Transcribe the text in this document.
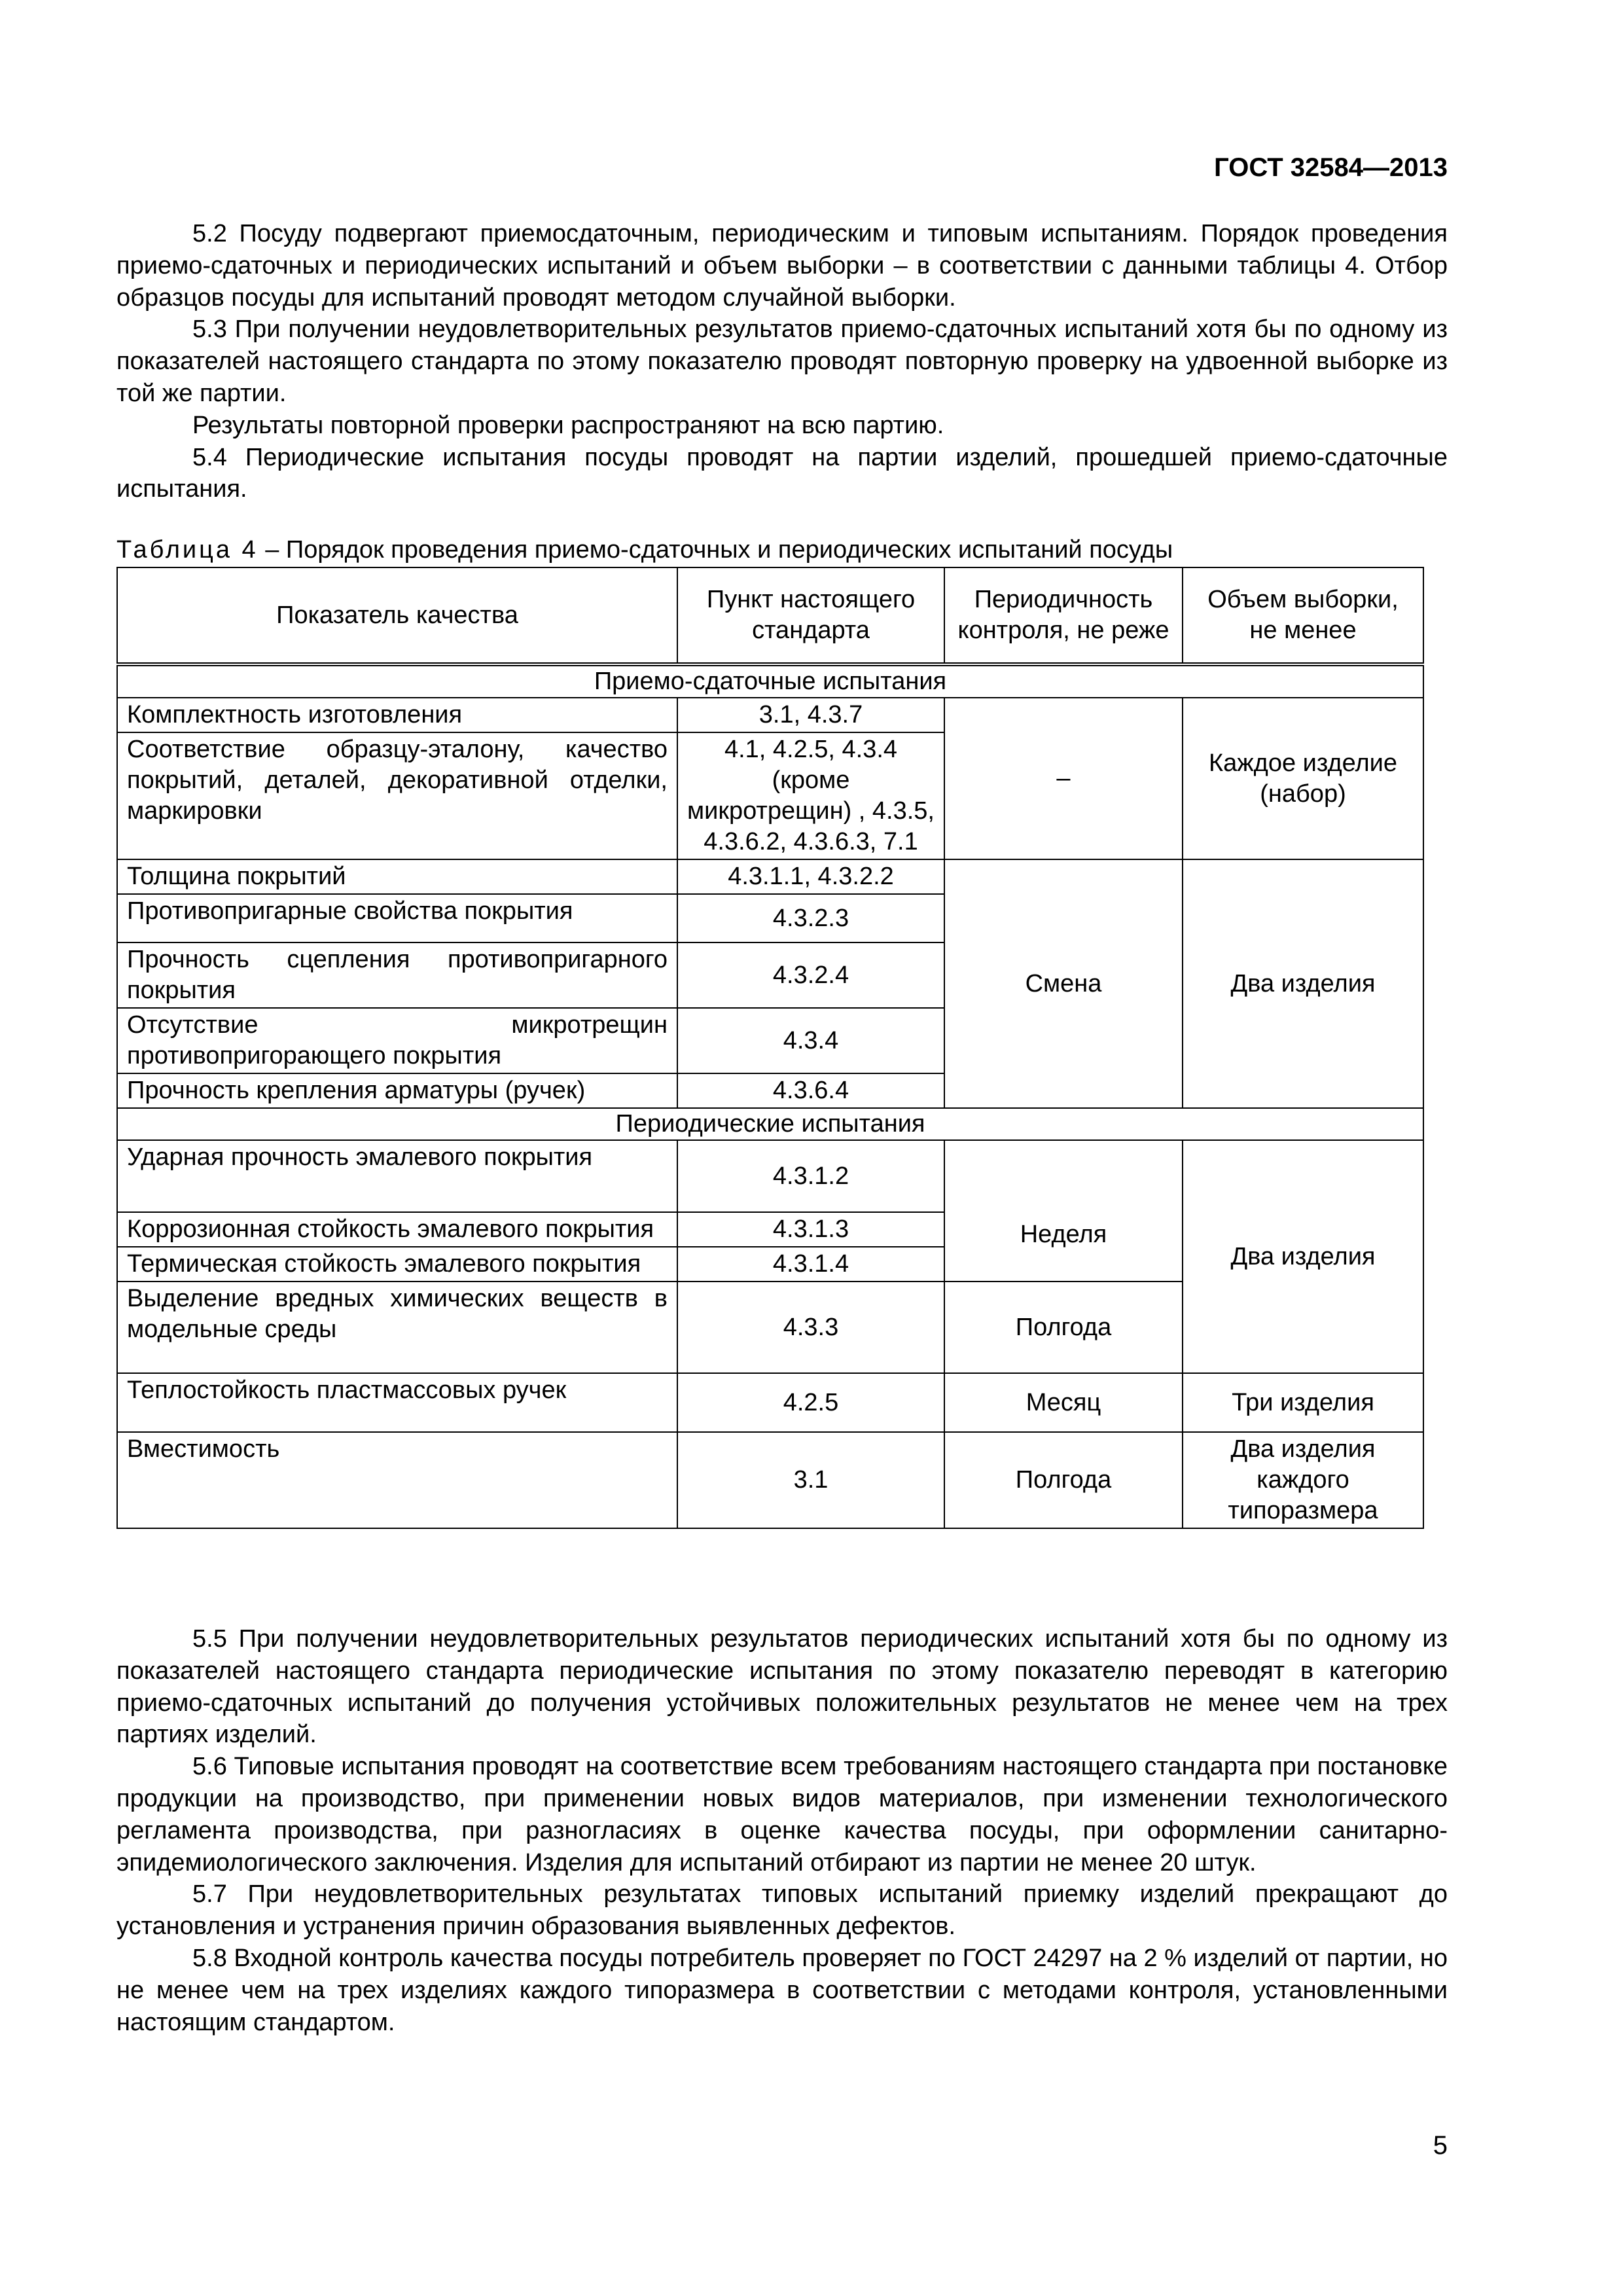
ГОСТ 32584—2013

5.2 Посуду подвергают приемосдаточным, периодическим и типовым испытаниям. Порядок проведения приемо-сдаточных и периодических испытаний и объем выборки – в соответствии с данными таблицы 4. Отбор образцов посуды для испытаний проводят методом случайной выборки.

5.3 При получении неудовлетворительных результатов приемо-сдаточных испытаний хотя бы по одному из показателей настоящего стандарта по этому показателю проводят повторную проверку на удвоенной выборке из той же партии.

Результаты повторной проверки распространяют на всю партию.

5.4 Периодические испытания посуды проводят на партии изделий, прошедшей приемо-сдаточные испытания.

Таблица 4 – Порядок проведения приемо-сдаточных и периодических испытаний посуды
Показатель качества	Пункт настоящего стандарта	Периодичность контроля, не реже	Объем выборки, не менее
Приемо-сдаточные испытания			
Комплектность изготовления	3.1, 4.3.7	–	Каждое изделие (набор)
Соответствие образцу-эталону, качество покрытий, деталей, декоративной отделки, маркировки	4.1, 4.2.5, 4.3.4 (кроме микротрещин) , 4.3.5, 4.3.6.2, 4.3.6.3, 7.1		
Толщина покрытий	4.3.1.1, 4.3.2.2	Смена	Два изделия
Противопригарные свойства покрытия	4.3.2.3		
Прочность сцепления противопригарного покрытия	4.3.2.4		
Отсутствие микротрещин противопригорающего покрытия	4.3.4		
Прочность крепления арматуры (ручек)	4.3.6.4		
Периодические испытания			
Ударная прочность эмалевого покрытия	4.3.1.2	Неделя	Два изделия
Коррозионная стойкость эмалевого покрытия	4.3.1.3		
Термическая стойкость эмалевого покрытия	4.3.1.4		
Выделение вредных химических веществ в модельные среды	4.3.3	Полгода	
Теплостойкость пластмассовых ручек	4.2.5	Месяц	Три изделия
Вместимость	3.1	Полгода	Два изделия каждого типоразмера

5.5 При получении неудовлетворительных результатов периодических испытаний хотя бы по одному из показателей настоящего стандарта периодические испытания по этому показателю переводят в категорию приемо-сдаточных испытаний до получения устойчивых положительных результатов не менее чем на трех партиях изделий.

5.6 Типовые испытания проводят на соответствие всем требованиям настоящего стандарта при постановке продукции на производство, при применении новых видов материалов, при изменении технологического регламента производства, при разногласиях в оценке качества посуды, при оформлении санитарно-эпидемиологического заключения. Изделия для испытаний отбирают из партии не менее 20 штук.

5.7 При неудовлетворительных результатах типовых испытаний приемку изделий прекращают до установления и устранения причин образования выявленных дефектов.

5.8 Входной контроль качества посуды потребитель проверяет по ГОСТ 24297 на 2 % изделий от партии, но не менее чем на трех изделиях каждого типоразмера в соответствии с методами контроля, установленными настоящим стандартом.

5
